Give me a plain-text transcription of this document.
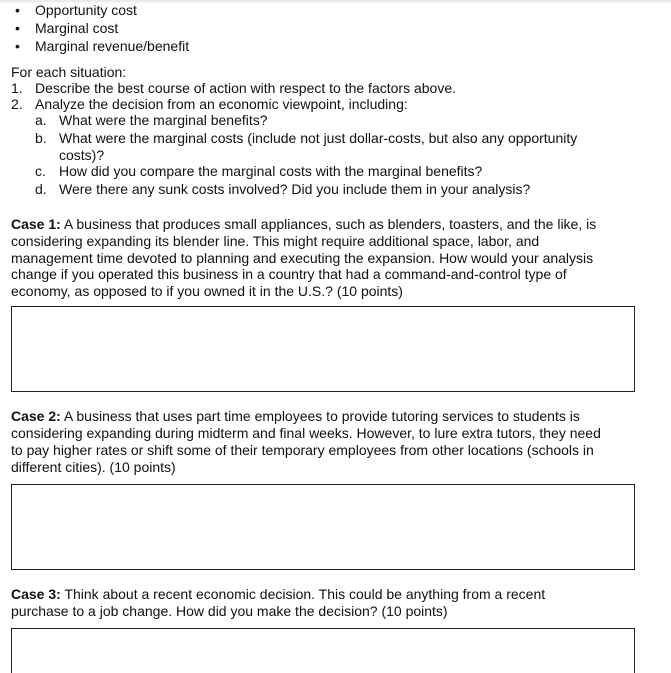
• Opportunity cost
• Marginal cost
• Marginal revenue/benefit
For each situation:
1. Describe the best course of action with respect to the factors above.
2. Analyze the decision from an economic viewpoint, including:
a. What were the marginal benefits?
b. What were the marginal costs (include not just dollar-costs, but also any opportunity
costs)?
c. How did you compare the marginal costs with the marginal benefits?
d. Were there any sunk costs involved? Did you include them in your analysis?
Case 1: A business that produces small appliances, such as blenders, toasters, and the like, is
considering expanding its blender line. This might require additional space, labor, and
management time devoted to planning and executing the expansion. How would your analysis
change if you operated this business in a country that had a command-and-control type of
economy, as opposed to if you owned it in the U.S.? (10 points)
Case 2: A business that uses part time employees to provide tutoring services to students is
considering expanding during midterm and final weeks. However, to lure extra tutors, they need
to pay higher rates or shift some of their temporary employees from other locations (schools in
different cities). (10 points)
Case 3: Think about a recent economic decision. This could be anything from a recent
purchase to a job change. How did you make the decision? (10 points)
